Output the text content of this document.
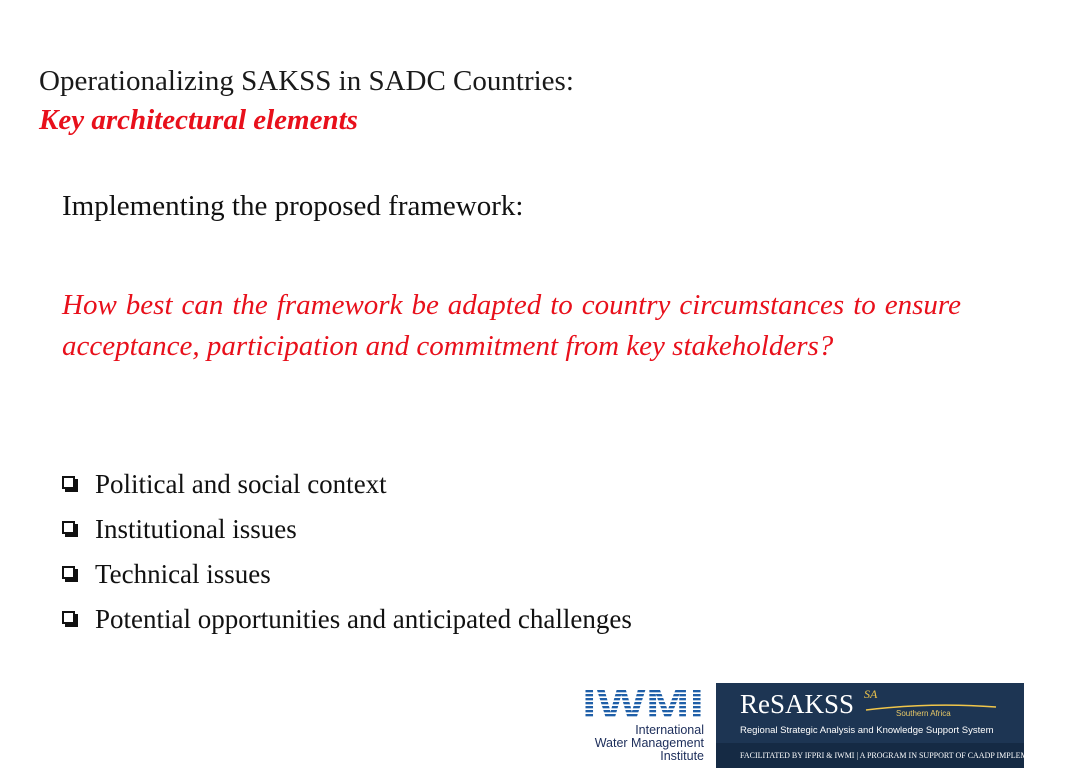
Operationalizing SAKSS in SADC Countries:
Key architectural elements
Implementing the proposed framework:
How best can the framework be adapted to country circumstances to ensure acceptance, participation and commitment from key stakeholders?
Political and social context
Institutional issues
Technical issues
Potential opportunities and anticipated challenges
IWMI
International
Water Management
Institute
ReSAKSS SA
Southern Africa
Regional Strategic Analysis and Knowledge Support System
FACILITATED BY IFPRI & IWMI | A PROGRAM IN SUPPORT OF CAADP IMPLEMENTATION
